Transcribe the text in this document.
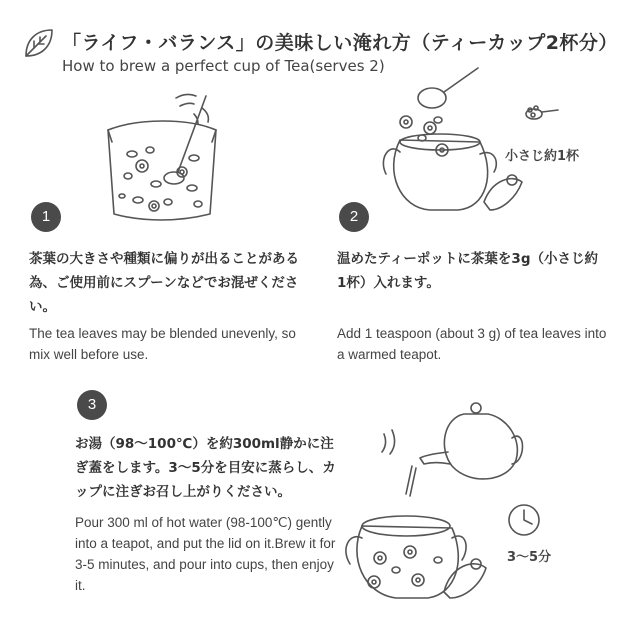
「ライフ・バランス」の美味しい淹れ方（ティーカップ2杯分）
How to brew a perfect cup of Tea(serves 2)
小さじ約1杯
1
茶葉の大きさや種類に偏りが出ることがある為、ご使用前にスプーンなどでお混ぜください。
The tea leaves may be blended unevenly, so mix well before use.
2
温めたティーポットに茶葉を3g（小さじ約1杯）入れます。
Add 1 teaspoon (about 3 g) of tea leaves into a warmed teapot.
3
お湯（98～100℃）を約300ml静かに注ぎ蓋をします。3～5分を目安に蒸らし、カップに注ぎお召し上がりください。
Pour 300 ml of hot water (98-100℃) gently into a teapot, and put the lid on it.Brew it for 3-5 minutes, and pour into cups, then enjoy it.
3～5分
